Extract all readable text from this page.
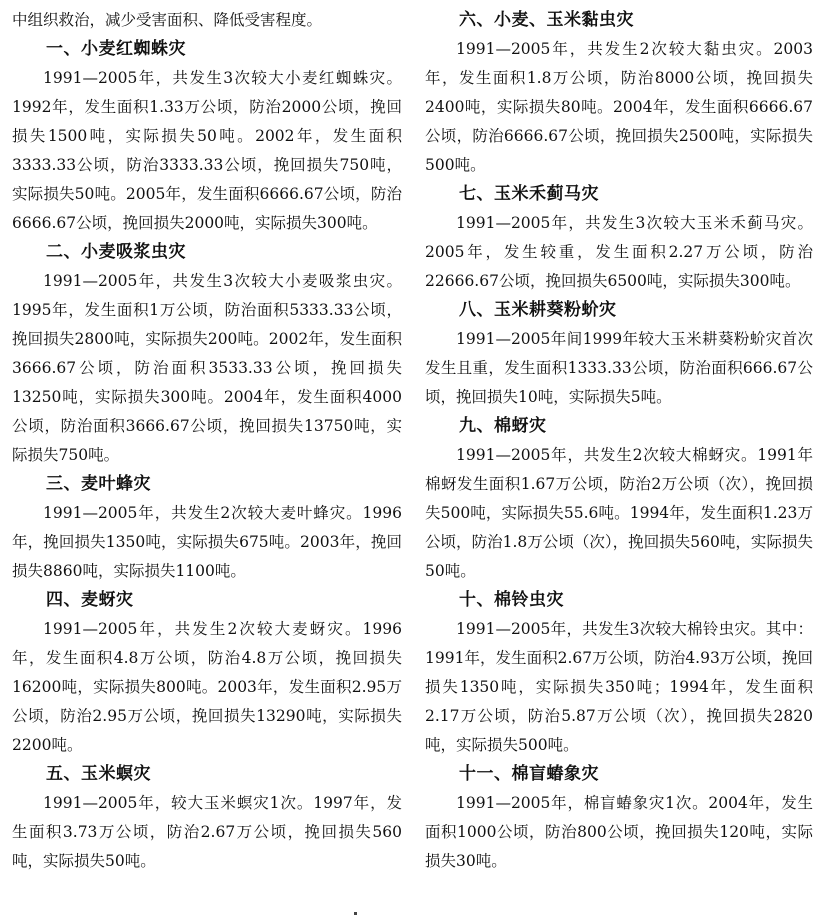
中组织救治，减少受害面积、降低受害程度。

一、小麦红蜘蛛灾

1991—2005年，共发生3次较大小麦红蜘蛛灾。1992年，发生面积1.33万公顷，防治2000公顷，挽回损失1500吨，实际损失50吨。2002年，发生面积3333.33公顷，防治3333.33公顷，挽回损失750吨，实际损失50吨。2005年，发生面积6666.67公顷，防治6666.67公顷，挽回损失2000吨，实际损失300吨。

二、小麦吸浆虫灾

1991—2005年，共发生3次较大小麦吸浆虫灾。1995年，发生面积1万公顷，防治面积5333.33公顷，挽回损失2800吨，实际损失200吨。2002年，发生面积3666.67公顷，防治面积3533.33公顷，挽回损失13250吨，实际损失300吨。2004年，发生面积4000公顷，防治面积3666.67公顷，挽回损失13750吨，实际损失750吨。

三、麦叶蜂灾

1991—2005年，共发生2次较大麦叶蜂灾。1996年，挽回损失1350吨，实际损失675吨。2003年，挽回损失8860吨，实际损失1100吨。

四、麦蚜灾

1991—2005年，共发生2次较大麦蚜灾。1996年，发生面积4.8万公顷，防治4.8万公顷，挽回损失16200吨，实际损失800吨。2003年，发生面积2.95万公顷，防治2.95万公顷，挽回损失13290吨，实际损失2200吨。

五、玉米螟灾

1991—2005年，较大玉米螟灾1次。1997年，发生面积3.73万公顷，防治2.67万公顷，挽回损失560吨，实际损失50吨。

六、小麦、玉米黏虫灾

1991—2005年，共发生2次较大黏虫灾。2003年，发生面积1.8万公顷，防治8000公顷，挽回损失2400吨，实际损失80吨。2004年，发生面积6666.67公顷，防治6666.67公顷，挽回损失2500吨，实际损失500吨。

七、玉米禾蓟马灾

1991—2005年，共发生3次较大玉米禾蓟马灾。2005年，发生较重，发生面积2.27万公顷，防治22666.67公顷，挽回损失6500吨，实际损失300吨。

八、玉米耕葵粉蚧灾

1991—2005年间1999年较大玉米耕葵粉蚧灾首次发生且重，发生面积1333.33公顷，防治面积666.67公顷，挽回损失10吨，实际损失5吨。

九、棉蚜灾

1991—2005年，共发生2次较大棉蚜灾。1991年棉蚜发生面积1.67万公顷，防治2万公顷（次），挽回损失500吨，实际损失55.6吨。1994年，发生面积1.23万公顷，防治1.8万公顷（次），挽回损失560吨，实际损失50吨。

十、棉铃虫灾

1991—2005年，共发生3次较大棉铃虫灾。其中：1991年，发生面积2.67万公顷，防治4.93万公顷，挽回损失1350吨，实际损失350吨；1994年，发生面积2.17万公顷，防治5.87万公顷（次），挽回损失2820吨，实际损失500吨。

十一、棉盲蝽象灾

1991—2005年，棉盲蝽象灾1次。2004年，发生面积1000公顷，防治800公顷，挽回损失120吨，实际损失30吨。
